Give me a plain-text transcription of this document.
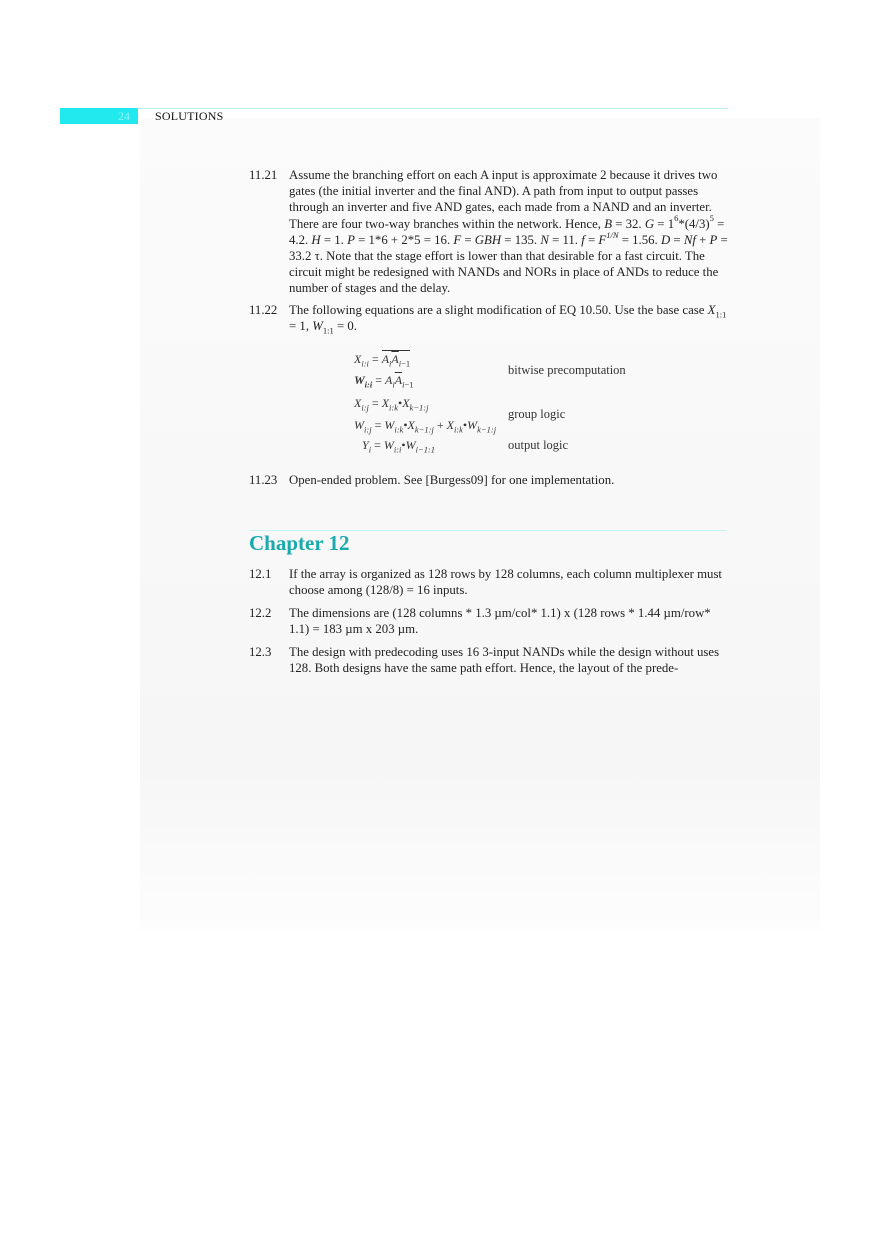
24 SOLUTIONS
11.21 Assume the branching effort on each A input is approximate 2 because it drives two gates (the initial inverter and the final AND). A path from input to output passes through an inverter and five AND gates, each made from a NAND and an inverter. There are four two-way branches within the network. Hence, B = 32. $G = 1^6*(4/3)^5 = 4.2$. H = 1. P = 1*6 + 2*5 = 16. F = GBH = 135. N = 11. $f = F^{1/N} = 1.56$. D = Nf + P = 33.2 τ. Note that the stage effort is lower than that desirable for a fast circuit. The circuit might be redesigned with NANDs and NORs in place of ANDs to reduce the number of stages and the delay.
11.22 The following equations are a slight modification of EQ 10.50. Use the base case $X_{1:1} = 1$, $W_{1:1} = 0$.
$X_{i:i} = A_i\overline{A}_{i-1}$
$W_{i:i} = A_i\overline{A}_{i-1}$
$X_{i:j}$ = $X_{i:k}•X_{k-1:j}$
$W_{i:j}$ = $W_{i:k}•X_{k-1:j}$ + $X_{i:k}•W_{k-1:j}$
$Y_i$ = $W_{i:i}•W_{i-1:1}$
bitwise precomputation
group logic
output logic
11.23 Open-ended problem. See [Burgess09] for one implementation.
Chapter 12
12.1 If the array is organized as 128 rows by 128 columns, each column multiplexer must choose among (128/8) = 16 inputs.
12.2 The dimensions are (128 columns * 1.3 µm/col* 1.1) x (128 rows * 1.44 µm/row* 1.1) = 183 µm x 203 µm.
12.3 The design with predecoding uses 16 3-input NANDs while the design without uses 128. Both designs have the same path effort. Hence, the layout of the prede-
